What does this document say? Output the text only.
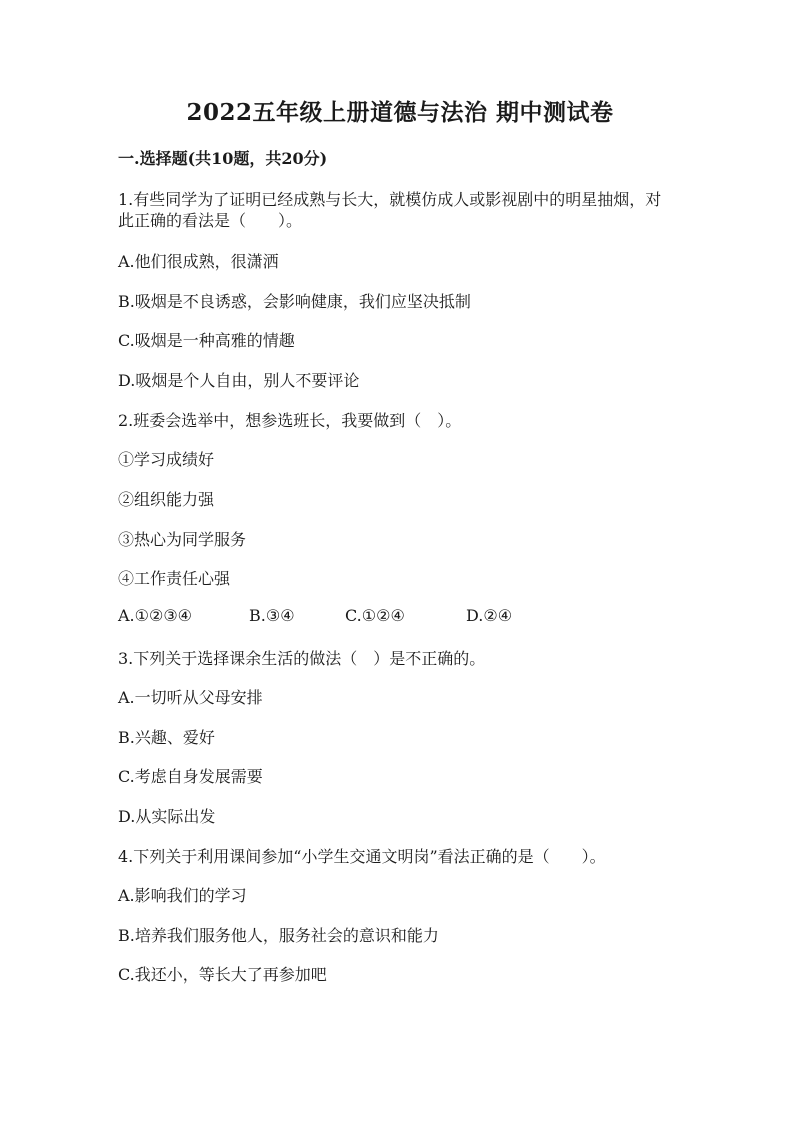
2022五年级上册道德与法治 期中测试卷
一.选择题(共10题，共20分)
1.有些同学为了证明已经成熟与长大，就模仿成人或影视剧中的明星抽烟，对
此正确的看法是（　　）。
A.他们很成熟，很潇洒
B.吸烟是不良诱惑，会影响健康，我们应坚决抵制
C.吸烟是一种高雅的情趣
D.吸烟是个人自由，别人不要评论
2.班委会选举中，想参选班长，我要做到（　）。
①学习成绩好
②组织能力强
③热心为同学服务
④工作责任心强
A.①②③④	B.③④	C.①②④	D.②④
3.下列关于选择课余生活的做法（　）是不正确的。
A.一切听从父母安排
B.兴趣、爱好
C.考虑自身发展需要
D.从实际出发
4.下列关于利用课间参加“小学生交通文明岗”看法正确的是（　　）。
A.影响我们的学习
B.培养我们服务他人，服务社会的意识和能力
C.我还小，等长大了再参加吧
